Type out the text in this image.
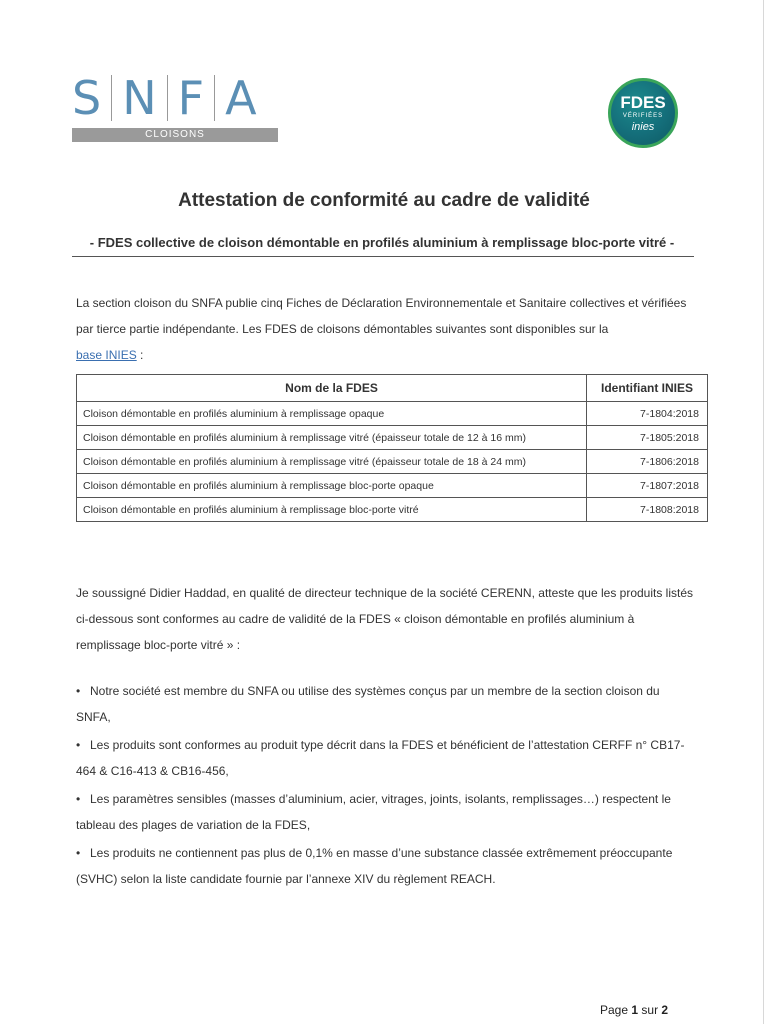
S N F A
CLOISONS
FDES
VÉRIFIÉES
inies
Attestation de conformité au cadre de validité
- FDES collective de cloison démontable en profilés aluminium à remplissage bloc-porte vitré -
La section cloison du SNFA publie cinq Fiches de Déclaration Environnementale et Sanitaire collectives et vérifiées par tierce partie indépendante. Les FDES de cloisons démontables suivantes sont disponibles sur la
base INIES :
Nom de la FDES	Identifiant INIES
Cloison démontable en profilés aluminium à remplissage opaque	7-1804:2018
Cloison démontable en profilés aluminium à remplissage vitré (épaisseur totale de 12 à 16 mm)	7-1805:2018
Cloison démontable en profilés aluminium à remplissage vitré (épaisseur totale de 18 à 24 mm)	7-1806:2018
Cloison démontable en profilés aluminium à remplissage bloc-porte opaque	7-1807:2018
Cloison démontable en profilés aluminium à remplissage bloc-porte vitré	7-1808:2018
Je soussigné Didier Haddad, en qualité de directeur technique de la société CERENN, atteste que les produits listés ci-dessous sont conformes au cadre de validité de la FDES « cloison démontable en profilés aluminium à remplissage bloc-porte vitré » :
• Notre société est membre du SNFA ou utilise des systèmes conçus par un membre de la section cloison du SNFA,
• Les produits sont conformes au produit type décrit dans la FDES et bénéficient de l’attestation CERFF n° CB17-464 & C16-413 & CB16-456,
• Les paramètres sensibles (masses d’aluminium, acier, vitrages, joints, isolants, remplissages…) respectent le tableau des plages de variation de la FDES,
• Les produits ne contiennent pas plus de 0,1% en masse d’une substance classée extrêmement préoccupante (SVHC) selon la liste candidate fournie par l’annexe XIV du règlement REACH.
Page 1 sur 2
